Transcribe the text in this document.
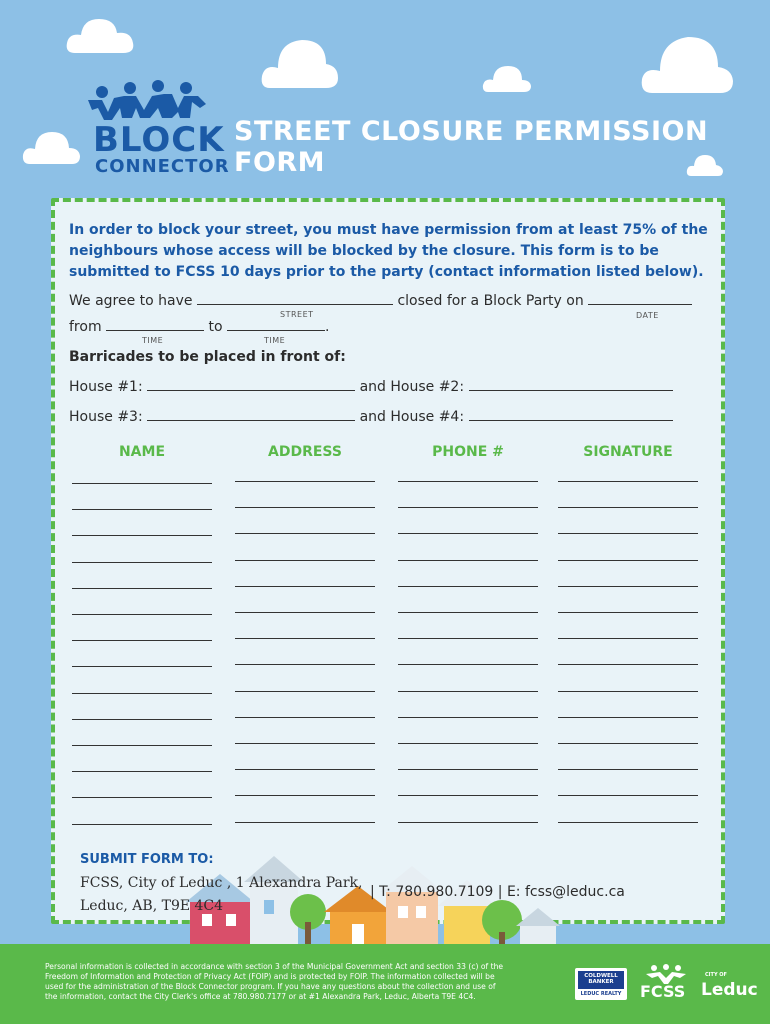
BLOCK
CONNECTOR
STREET CLOSURE PERMISSION FORM
In order to block your street, you must have permission from at least 75% of the neighbours whose access will be blocked by the closure. This form is to be submitted to FCSS 10 days prior to the party (contact information listed below).
We agree to have	closed for a Block Party on
STREET	DATE
from	to	.
TIME	TIME
Barricades to be placed in front of:
House #1:	and House #2:
House #3:	and House #4:
NAME	ADDRESS	PHONE #	SIGNATURE
SUBMIT FORM TO:
FCSS, City of Leduc , 1 Alexandra Park,
Leduc, AB, T9E 4C4
| T: 780.980.7109 | E: fcss@leduc.ca
Personal information is collected in accordance with section 3 of the Municipal Government Act and section 33 (c) of the Freedom of Information and Protection of Privacy Act (FOIP) and is protected by FOIP. The information collected will be used for the administration of the Block Connector program. If you have any questions about the collection and use of the information, contact the City Clerk's office at 780.980.7177 or at #1 Alexandra Park, Leduc, Alberta T9E 4C4.
COLDWELL BANKER
LEDUC REALTY FCSS
CITY OF
Leduc
